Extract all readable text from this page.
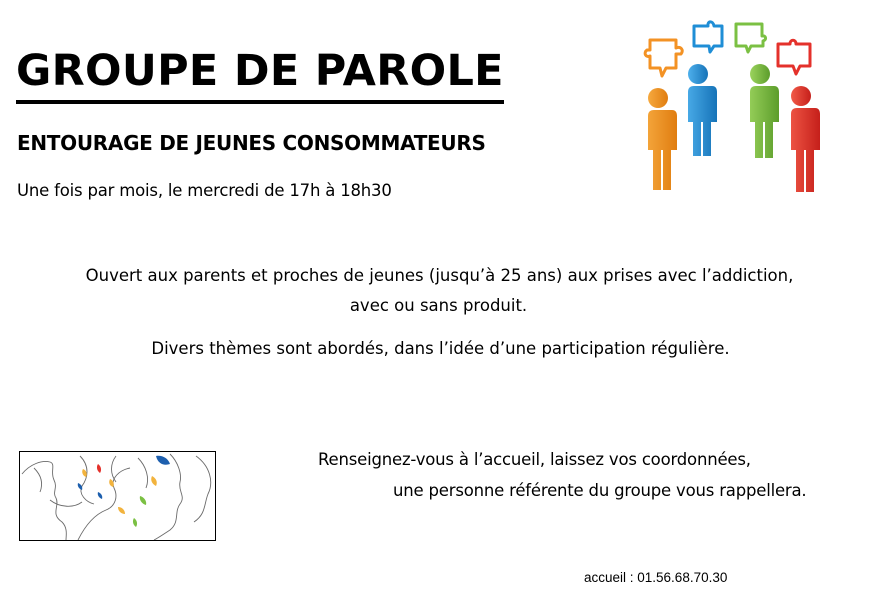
GROUPE DE PAROLE
ENTOURAGE DE JEUNES CONSOMMATEURS
Une fois par mois, le mercredi de 17h à 18h30
Ouvert aux parents et proches de jeunes (jusqu’à 25 ans) aux prises avec l’addiction,
avec ou sans produit.
Divers thèmes sont abordés, dans l’idée d’une participation régulière.
Renseignez-vous à l’accueil, laissez vos coordonnées,
une personne référente du groupe vous rappellera.
accueil : 01.56.68.70.30
